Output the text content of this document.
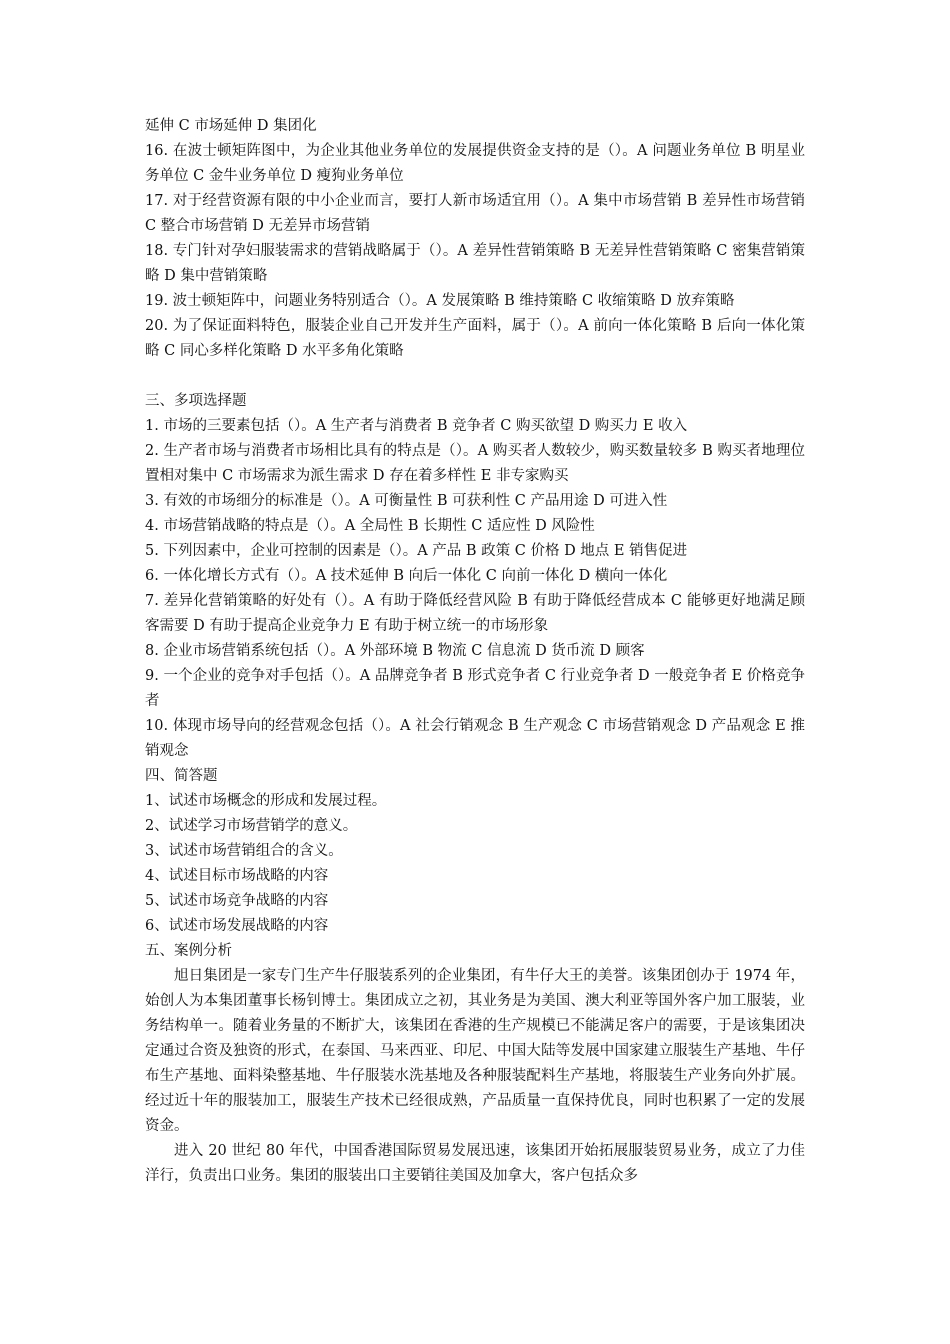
延伸 C 市场延伸 D 集团化

16. 在波士顿矩阵图中，为企业其他业务单位的发展提供资金支持的是（）。A 问题业务单位 B 明星业务单位 C 金牛业务单位 D 瘦狗业务单位

17. 对于经营资源有限的中小企业而言，要打人新市场适宜用（）。A 集中市场营销 B 差异性市场营销 C 整合市场营销 D 无差异市场营销

18. 专门针对孕妇服装需求的营销战略属于（）。A 差异性营销策略 B 无差异性营销策略 C 密集营销策略 D 集中营销策略

19. 波士顿矩阵中，问题业务特别适合（）。A 发展策略 B 维持策略 C 收缩策略 D 放弃策略

20. 为了保证面料特色，服装企业自己开发并生产面料，属于（）。A 前向一体化策略 B 后向一体化策略 C 同心多样化策略 D 水平多角化策略

三、多项选择题

1. 市场的三要素包括（）。A 生产者与消费者 B 竞争者 C 购买欲望 D 购买力 E 收入

2. 生产者市场与消费者市场相比具有的特点是（）。A 购买者人数较少，购买数量较多 B 购买者地理位置相对集中 C 市场需求为派生需求 D 存在着多样性 E 非专家购买

3. 有效的市场细分的标准是（）。A 可衡量性 B 可获利性 C 产品用途 D 可进入性

4. 市场营销战略的特点是（）。A 全局性 B 长期性 C 适应性 D 风险性

5. 下列因素中，企业可控制的因素是（）。A 产品 B 政策 C 价格 D 地点 E 销售促进

6. 一体化增长方式有（）。A 技术延伸 B 向后一体化 C 向前一体化 D 横向一体化

7. 差异化营销策略的好处有（）。A 有助于降低经营风险 B 有助于降低经营成本 C 能够更好地满足顾客需要 D 有助于提高企业竞争力 E 有助于树立统一的市场形象

8. 企业市场营销系统包括（）。A 外部环境 B 物流 C 信息流 D 货币流 D 顾客

9. 一个企业的竞争对手包括（）。A 品牌竞争者 B 形式竞争者 C 行业竞争者 D 一般竞争者 E 价格竞争者

10. 体现市场导向的经营观念包括（）。A 社会行销观念 B 生产观念 C 市场营销观念 D 产品观念 E 推销观念

四、简答题

1、试述市场概念的形成和发展过程。

2、试述学习市场营销学的意义。

3、试述市场营销组合的含义。

4、试述目标市场战略的内容

5、试述市场竞争战略的内容

6、试述市场发展战略的内容

五、案例分析

旭日集团是一家专门生产牛仔服装系列的企业集团，有牛仔大王的美誉。该集团创办于 1974 年，始创人为本集团董事长杨钊博士。集团成立之初，其业务是为美国、澳大利亚等国外客户加工服装，业务结构单一。随着业务量的不断扩大，该集团在香港的生产规模已不能满足客户的需要，于是该集团决定通过合资及独资的形式，在泰国、马来西亚、印尼、中国大陆等发展中国家建立服装生产基地、牛仔布生产基地、面料染整基地、牛仔服装水洗基地及各种服装配料生产基地，将服装生产业务向外扩展。经过近十年的服装加工，服装生产技术已经很成熟，产品质量一直保持优良，同时也积累了一定的发展资金。

进入 20 世纪 80 年代，中国香港国际贸易发展迅速，该集团开始拓展服装贸易业务，成立了力佳洋行，负责出口业务。集团的服装出口主要销往美国及加拿大，客户包括众多
